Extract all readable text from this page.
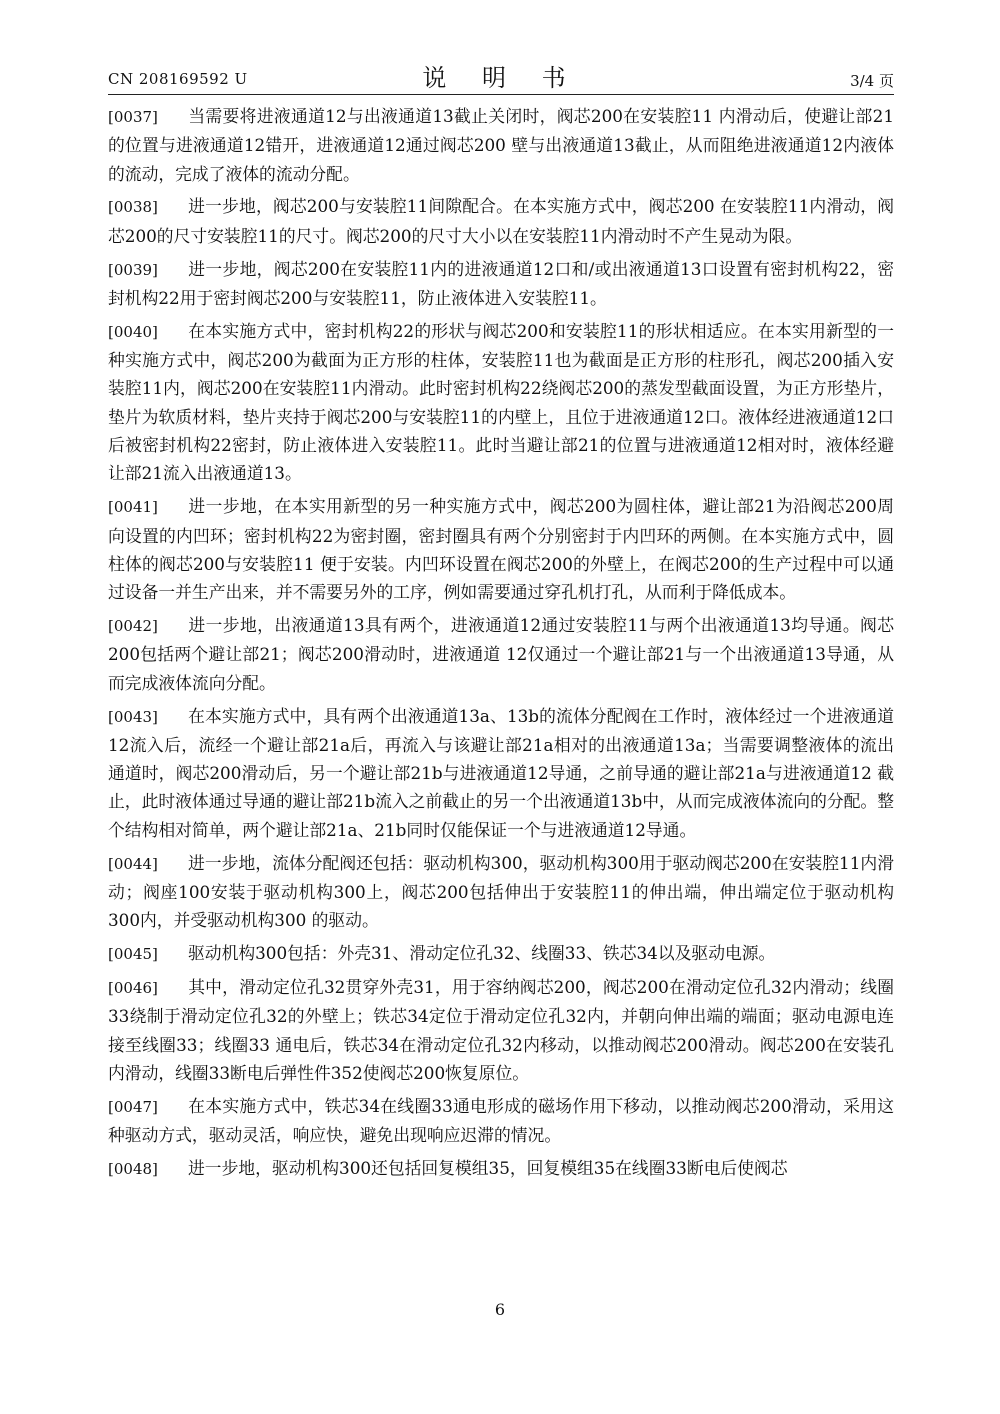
CN 208169592 U	说 明 书	3/4 页

[0037] 当需要将进液通道12与出液通道13截止关闭时，阀芯200在安装腔11 内滑动后，使避让部21的位置与进液通道12错开，进液通道12通过阀芯200 壁与出液通道13截止，从而阻绝进液通道12内液体的流动，完成了液体的流动分配。

[0038] 进一步地，阀芯200与安装腔11间隙配合。在本实施方式中，阀芯200 在安装腔11内滑动，阀芯200的尺寸安装腔11的尺寸。阀芯200的尺寸大小以在安装腔11内滑动时不产生晃动为限。

[0039] 进一步地，阀芯200在安装腔11内的进液通道12口和/或出液通道13口设置有密封机构22，密封机构22用于密封阀芯200与安装腔11，防止液体进入安装腔11。

[0040] 在本实施方式中，密封机构22的形状与阀芯200和安装腔11的形状相适应。在本实用新型的一种实施方式中，阀芯200为截面为正方形的柱体，安装腔11也为截面是正方形的柱形孔，阀芯200插入安装腔11内，阀芯200在安装腔11内滑动。此时密封机构22绕阀芯200的蒸发型截面设置，为正方形垫片，垫片为软质材料，垫片夹持于阀芯200与安装腔11的内壁上，且位于进液通道12口。液体经进液通道12口后被密封机构22密封，防止液体进入安装腔11。此时当避让部21的位置与进液通道12相对时，液体经避让部21流入出液通道13。

[0041] 进一步地，在本实用新型的另一种实施方式中，阀芯200为圆柱体，避让部21为沿阀芯200周向设置的内凹环；密封机构22为密封圈，密封圈具有两个分别密封于内凹环的两侧。在本实施方式中，圆柱体的阀芯200与安装腔11 便于安装。内凹环设置在阀芯200的外壁上，在阀芯200的生产过程中可以通过设备一并生产出来，并不需要另外的工序，例如需要通过穿孔机打孔，从而利于降低成本。

[0042] 进一步地，出液通道13具有两个，进液通道12通过安装腔11与两个出液通道13均导通。阀芯200包括两个避让部21；阀芯200滑动时，进液通道 12仅通过一个避让部21与一个出液通道13导通，从而完成液体流向分配。

[0043] 在本实施方式中，具有两个出液通道13a、13b的流体分配阀在工作时，液体经过一个进液通道12流入后，流经一个避让部21a后，再流入与该避让部21a相对的出液通道13a；当需要调整液体的流出通道时，阀芯200滑动后，另一个避让部21b与进液通道12导通，之前导通的避让部21a与进液通道12 截止，此时液体通过导通的避让部21b流入之前截止的另一个出液通道13b中，从而完成液体流向的分配。整个结构相对简单，两个避让部21a、21b同时仅能保证一个与进液通道12导通。

[0044] 进一步地，流体分配阀还包括：驱动机构300，驱动机构300用于驱动阀芯200在安装腔11内滑动；阀座100安装于驱动机构300上，阀芯200包括伸出于安装腔11的伸出端，伸出端定位于驱动机构300内，并受驱动机构300 的驱动。

[0045] 驱动机构300包括：外壳31、滑动定位孔32、线圈33、铁芯34以及驱动电源。

[0046] 其中，滑动定位孔32贯穿外壳31，用于容纳阀芯200，阀芯200在滑动定位孔32内滑动；线圈33绕制于滑动定位孔32的外壁上；铁芯34定位于滑动定位孔32内，并朝向伸出端的端面；驱动电源电连接至线圈33；线圈33 通电后，铁芯34在滑动定位孔32内移动，以推动阀芯200滑动。阀芯200在安装孔内滑动，线圈33断电后弹性件352使阀芯200恢复原位。

[0047] 在本实施方式中，铁芯34在线圈33通电形成的磁场作用下移动，以推动阀芯200滑动，采用这种驱动方式，驱动灵活，响应快，避免出现响应迟滞的情况。

[0048] 进一步地，驱动机构300还包括回复模组35，回复模组35在线圈33断电后使阀芯

6
